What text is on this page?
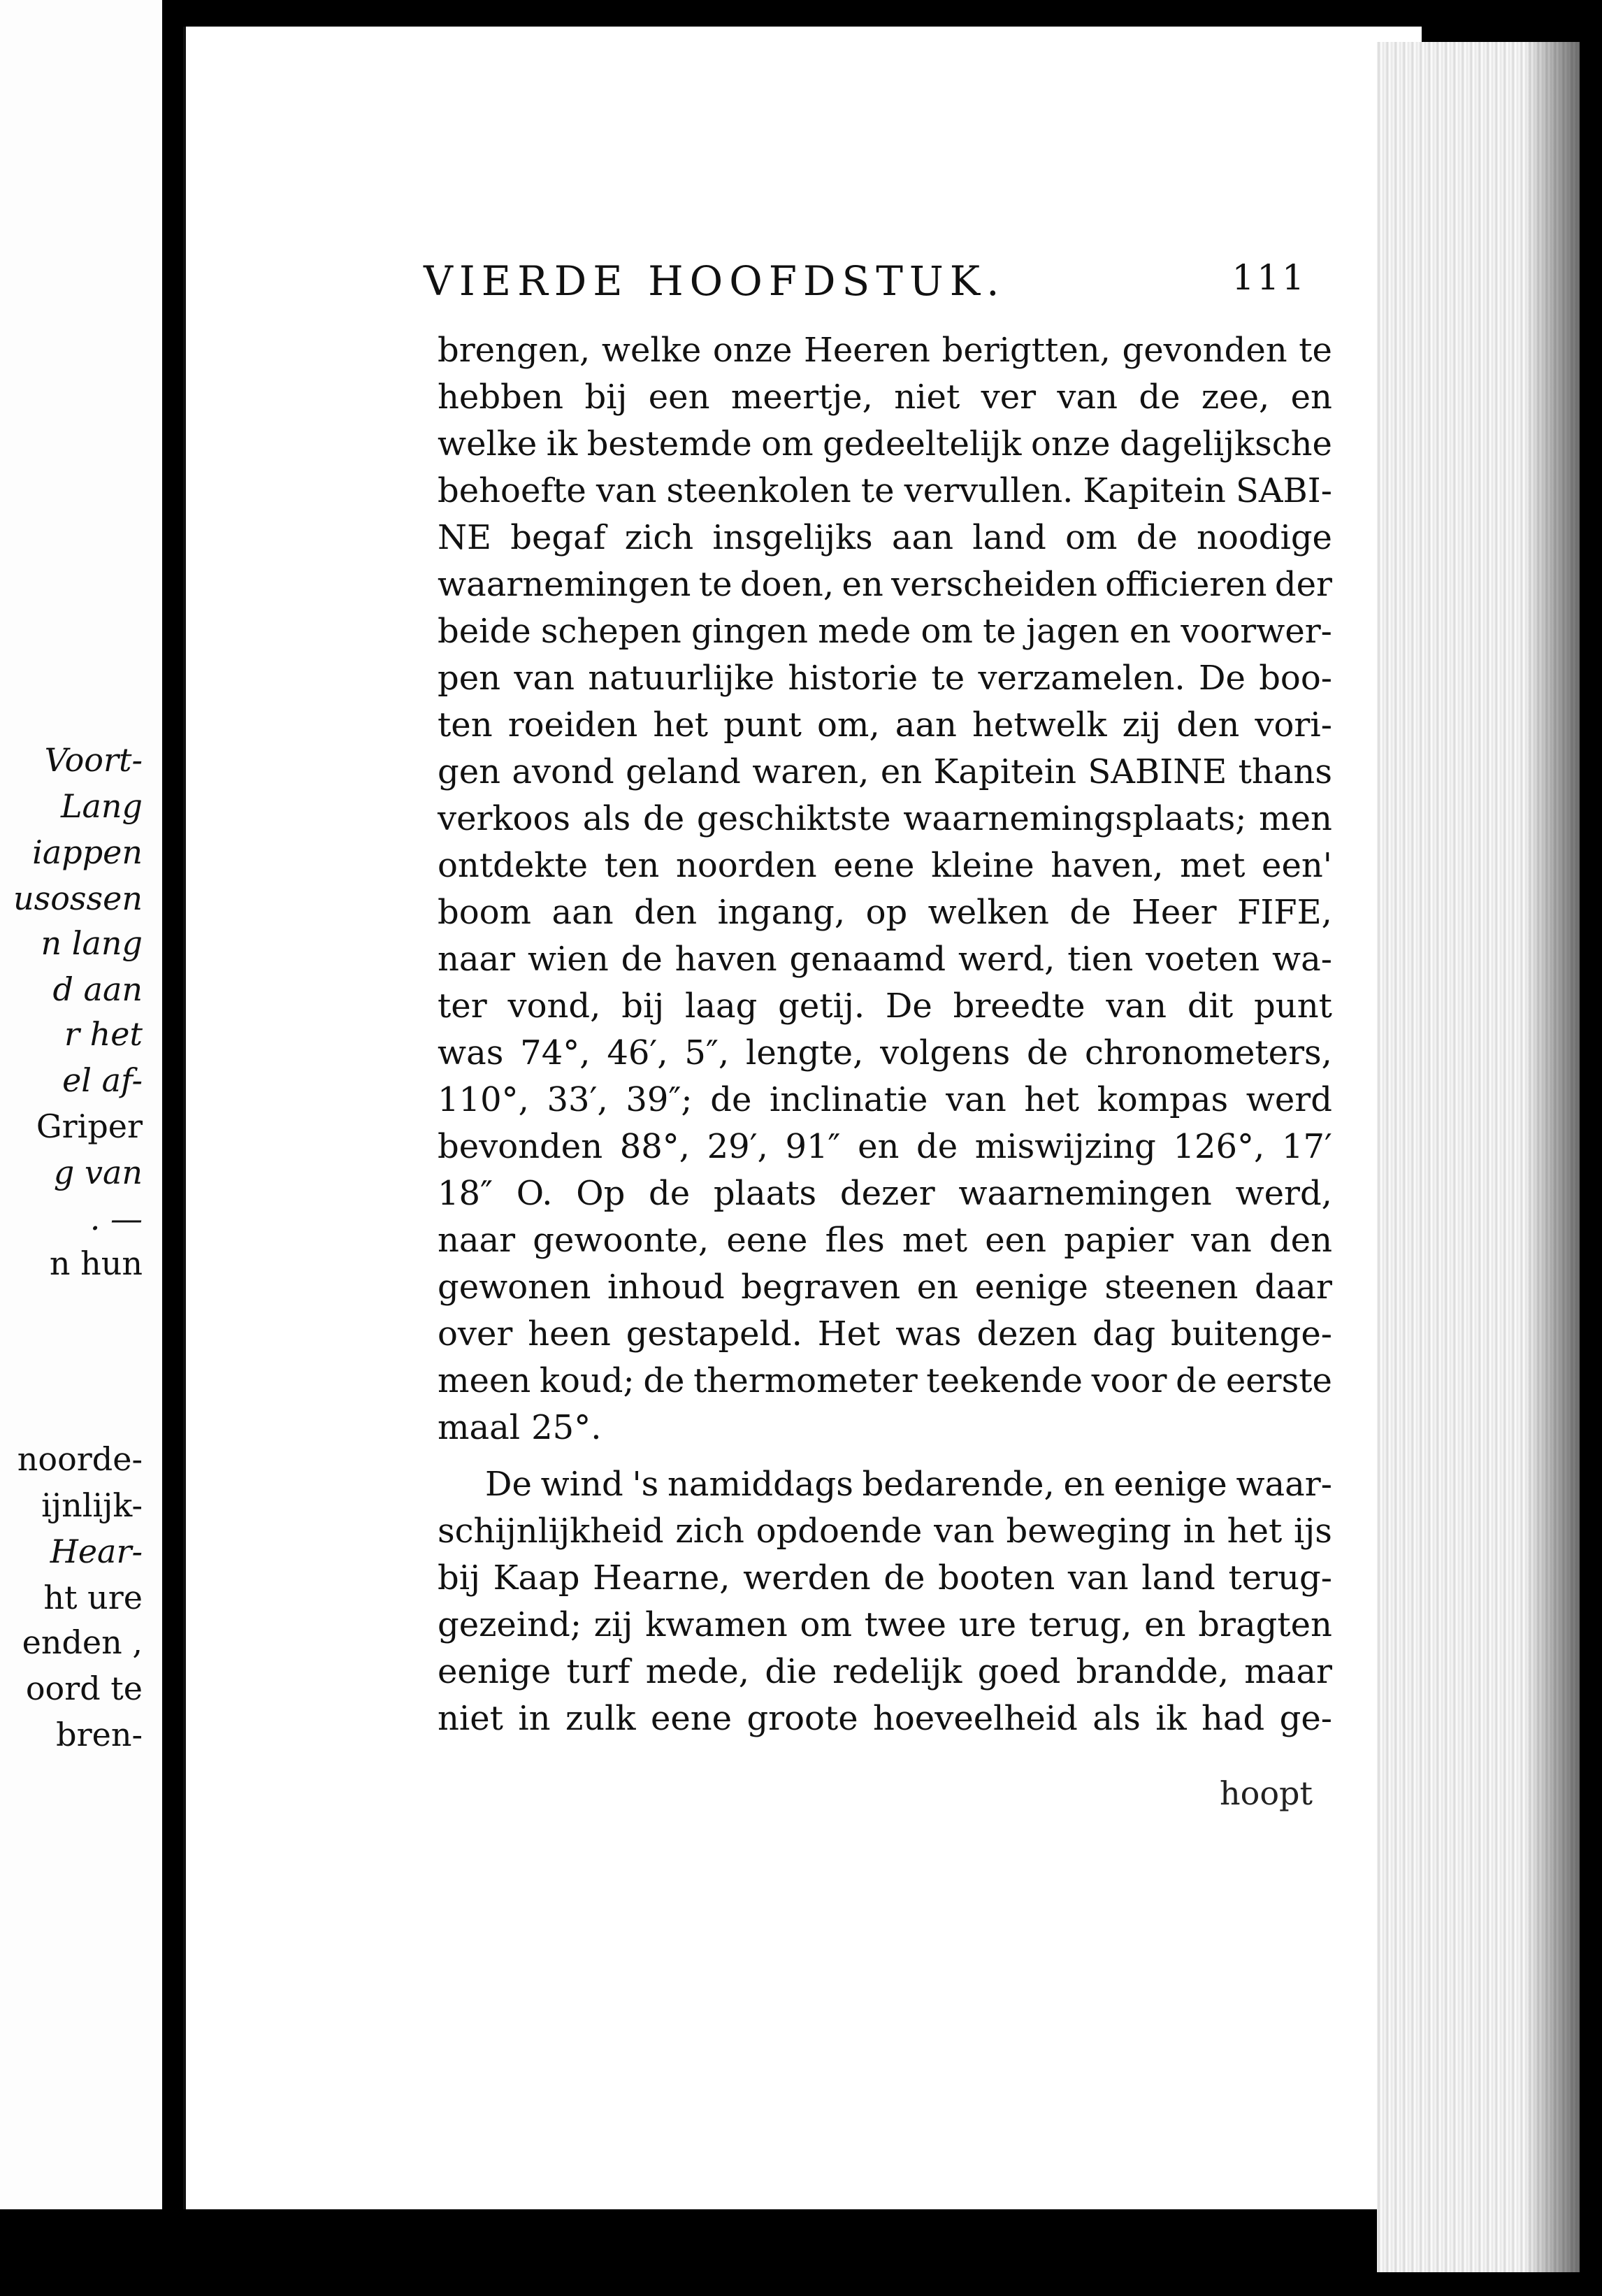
Voort-
Lang
iappen
usossen
n lang
d aan
r het
el af-
Griper
g van
. —
n hun
noorde-
ijnlijk-
Hear-
ht ure
enden ,
oord te
bren-
VIERDE HOOFDSTUK.	111
brengen, welke onze Heeren berigtten, gevonden te
hebben bij een meertje, niet ver van de zee, en
welke ik bestemde om gedeeltelijk onze dagelijksche
behoefte van steenkolen te vervullen. Kapitein SABI-
NE begaf zich insgelijks aan land om de noodige
waarnemingen te doen, en verscheiden officieren der
beide schepen gingen mede om te jagen en voorwer-
pen van natuurlijke historie te verzamelen. De boo-
ten roeiden het punt om, aan hetwelk zij den vori-
gen avond geland waren, en Kapitein SABINE thans
verkoos als de geschiktste waarnemingsplaats; men
ontdekte ten noorden eene kleine haven, met een'
boom aan den ingang, op welken de Heer FIFE,
naar wien de haven genaamd werd, tien voeten wa-
ter vond, bij laag getij. De breedte van dit punt
was 74°, 46′, 5″, lengte, volgens de chronometers,
110°, 33′, 39″; de inclinatie van het kompas werd
bevonden 88°, 29′, 91″ en de miswijzing 126°, 17′
18″ O. Op de plaats dezer waarnemingen werd,
naar gewoonte, eene fles met een papier van den
gewonen inhoud begraven en eenige steenen daar
over heen gestapeld. Het was dezen dag buitenge-
meen koud; de thermometer teekende voor de eerste
maal 25°.
De wind 's namiddags bedarende, en eenige waar-
schijnlijkheid zich opdoende van beweging in het ijs
bij Kaap Hearne, werden de booten van land terug-
gezeind; zij kwamen om twee ure terug, en bragten
eenige turf mede, die redelijk goed brandde, maar
niet in zulk eene groote hoeveelheid als ik had ge-
hoopt
